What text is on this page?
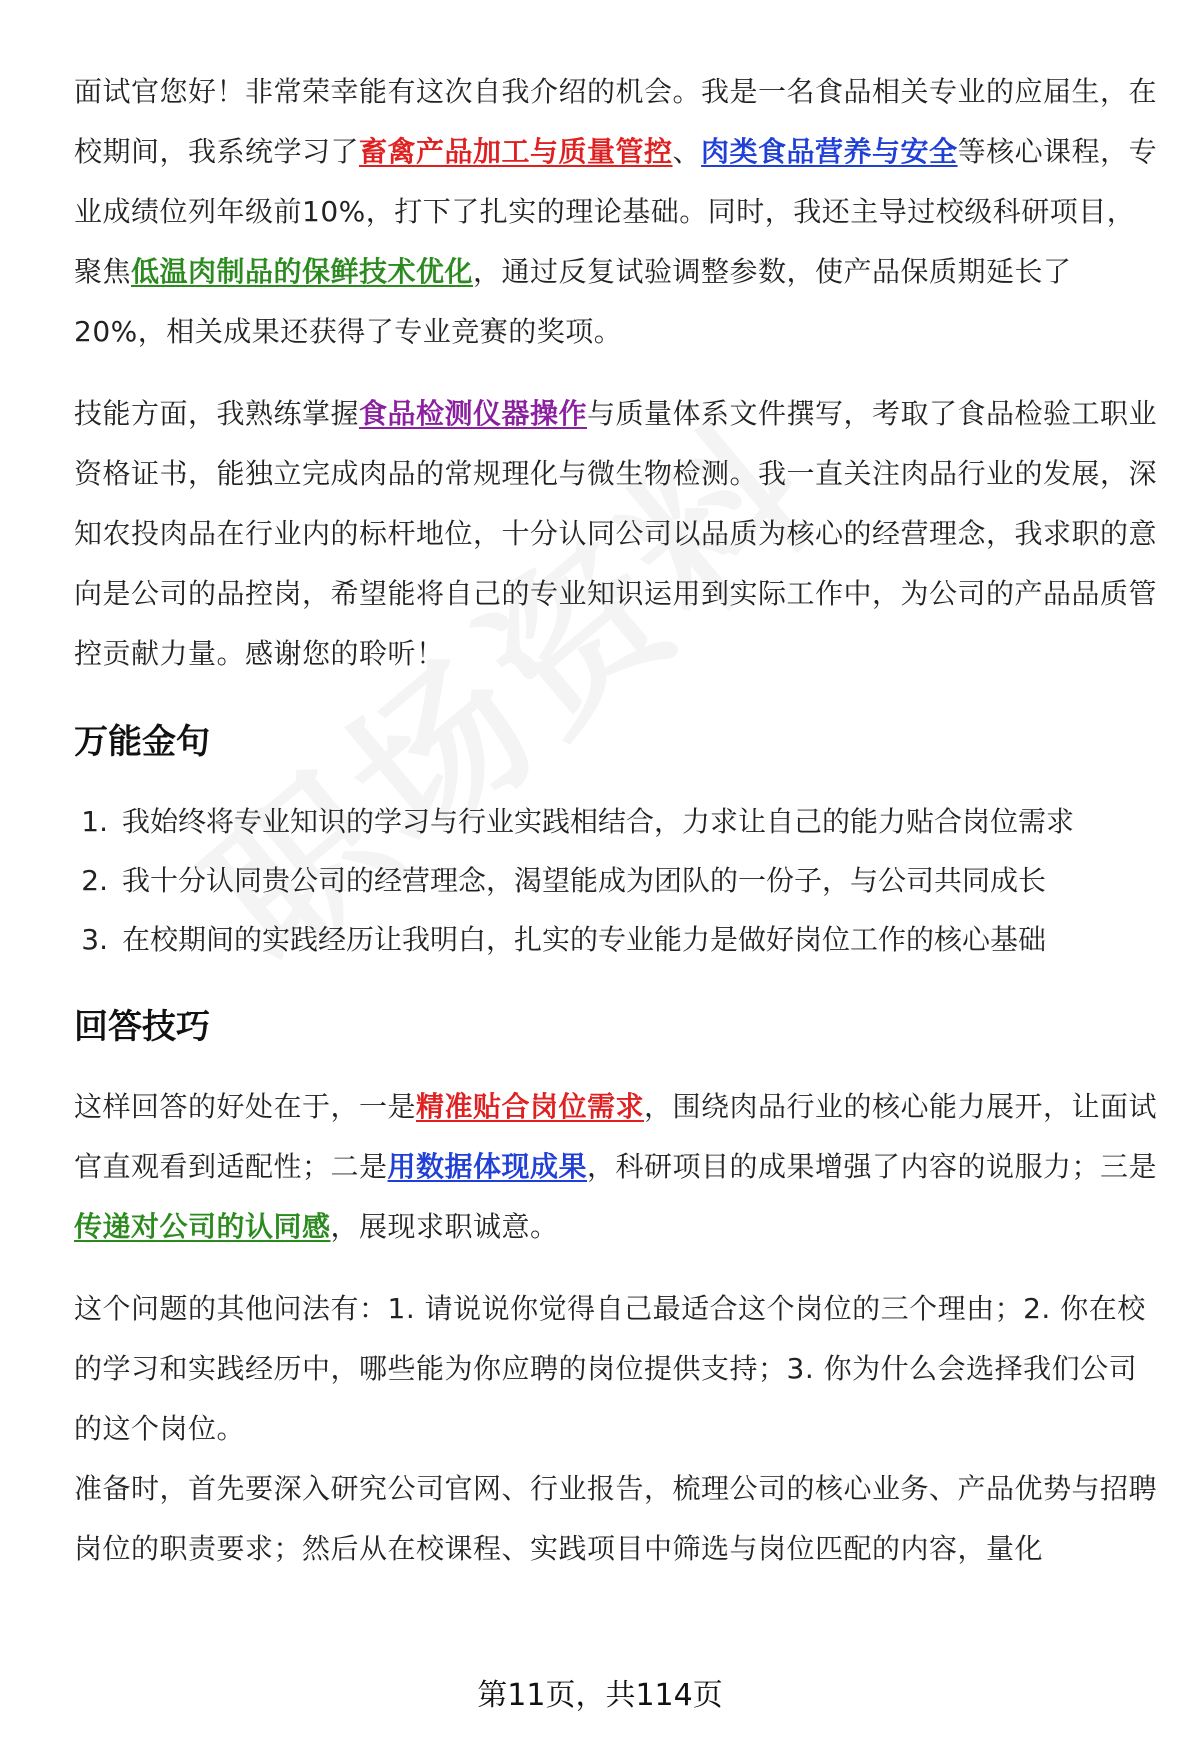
面试官您好！非常荣幸能有这次自我介绍的机会。我是一名食品相关专业的应届生，在校期间，我系统学习了畜禽产品加工与质量管控、肉类食品营养与安全等核心课程，专业成绩位列年级前10%，打下了扎实的理论基础。同时，我还主导过校级科研项目，聚焦低温肉制品的保鲜技术优化，通过反复试验调整参数，使产品保质期延长了20%，相关成果还获得了专业竞赛的奖项。

技能方面，我熟练掌握食品检测仪器操作与质量体系文件撰写，考取了食品检验工职业资格证书，能独立完成肉品的常规理化与微生物检测。我一直关注肉品行业的发展，深知农投肉品在行业内的标杆地位，十分认同公司以品质为核心的经营理念，我求职的意向是公司的品控岗，希望能将自己的专业知识运用到实际工作中，为公司的产品品质管控贡献力量。感谢您的聆听！

万能金句
1. 我始终将专业知识的学习与行业实践相结合，力求让自己的能力贴合岗位需求
2. 我十分认同贵公司的经营理念，渴望能成为团队的一份子，与公司共同成长
3. 在校期间的实践经历让我明白，扎实的专业能力是做好岗位工作的核心基础
回答技巧

这样回答的好处在于，一是精准贴合岗位需求，围绕肉品行业的核心能力展开，让面试官直观看到适配性；二是用数据体现成果，科研项目的成果增强了内容的说服力；三是传递对公司的认同感，展现求职诚意。

这个问题的其他问法有：1. 请说说你觉得自己最适合这个岗位的三个理由；2. 你在校的学习和实践经历中，哪些能为你应聘的岗位提供支持；3. 你为什么会选择我们公司的这个岗位。

准备时，首先要深入研究公司官网、行业报告，梳理公司的核心业务、产品优势与招聘岗位的职责要求；然后从在校课程、实践项目中筛选与岗位匹配的内容，量化

第11页，共114页
